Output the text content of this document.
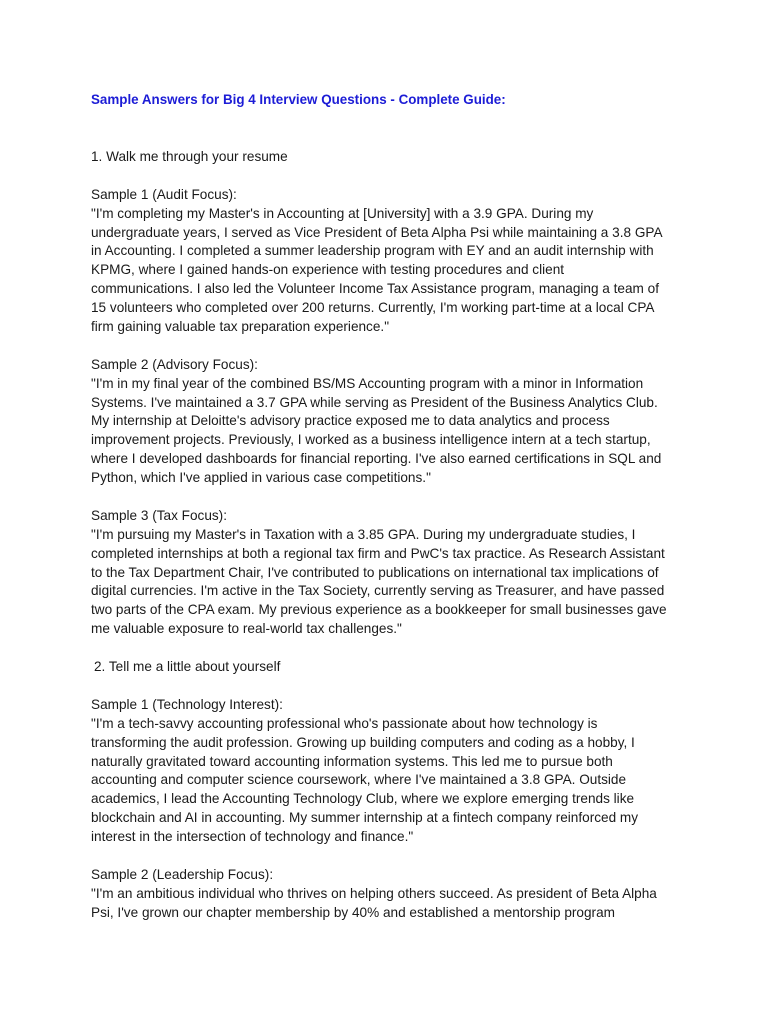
Sample Answers for Big 4 Interview Questions - Complete Guide:
1. Walk me through your resume
Sample 1 (Audit Focus):
"I'm completing my Master's in Accounting at [University] with a 3.9 GPA. During my
undergraduate years, I served as Vice President of Beta Alpha Psi while maintaining a 3.8 GPA
in Accounting. I completed a summer leadership program with EY and an audit internship with
KPMG, where I gained hands-on experience with testing procedures and client
communications. I also led the Volunteer Income Tax Assistance program, managing a team of
15 volunteers who completed over 200 returns. Currently, I'm working part-time at a local CPA
firm gaining valuable tax preparation experience."
Sample 2 (Advisory Focus):
"I'm in my final year of the combined BS/MS Accounting program with a minor in Information
Systems. I've maintained a 3.7 GPA while serving as President of the Business Analytics Club.
My internship at Deloitte's advisory practice exposed me to data analytics and process
improvement projects. Previously, I worked as a business intelligence intern at a tech startup,
where I developed dashboards for financial reporting. I've also earned certifications in SQL and
Python, which I've applied in various case competitions."
Sample 3 (Tax Focus):
"I'm pursuing my Master's in Taxation with a 3.85 GPA. During my undergraduate studies, I
completed internships at both a regional tax firm and PwC's tax practice. As Research Assistant
to the Tax Department Chair, I've contributed to publications on international tax implications of
digital currencies. I'm active in the Tax Society, currently serving as Treasurer, and have passed
two parts of the CPA exam. My previous experience as a bookkeeper for small businesses gave
me valuable exposure to real-world tax challenges."
2. Tell me a little about yourself
Sample 1 (Technology Interest):
"I'm a tech-savvy accounting professional who's passionate about how technology is
transforming the audit profession. Growing up building computers and coding as a hobby, I
naturally gravitated toward accounting information systems. This led me to pursue both
accounting and computer science coursework, where I've maintained a 3.8 GPA. Outside
academics, I lead the Accounting Technology Club, where we explore emerging trends like
blockchain and AI in accounting. My summer internship at a fintech company reinforced my
interest in the intersection of technology and finance."
Sample 2 (Leadership Focus):
"I'm an ambitious individual who thrives on helping others succeed. As president of Beta Alpha
Psi, I've grown our chapter membership by 40% and established a mentorship program
